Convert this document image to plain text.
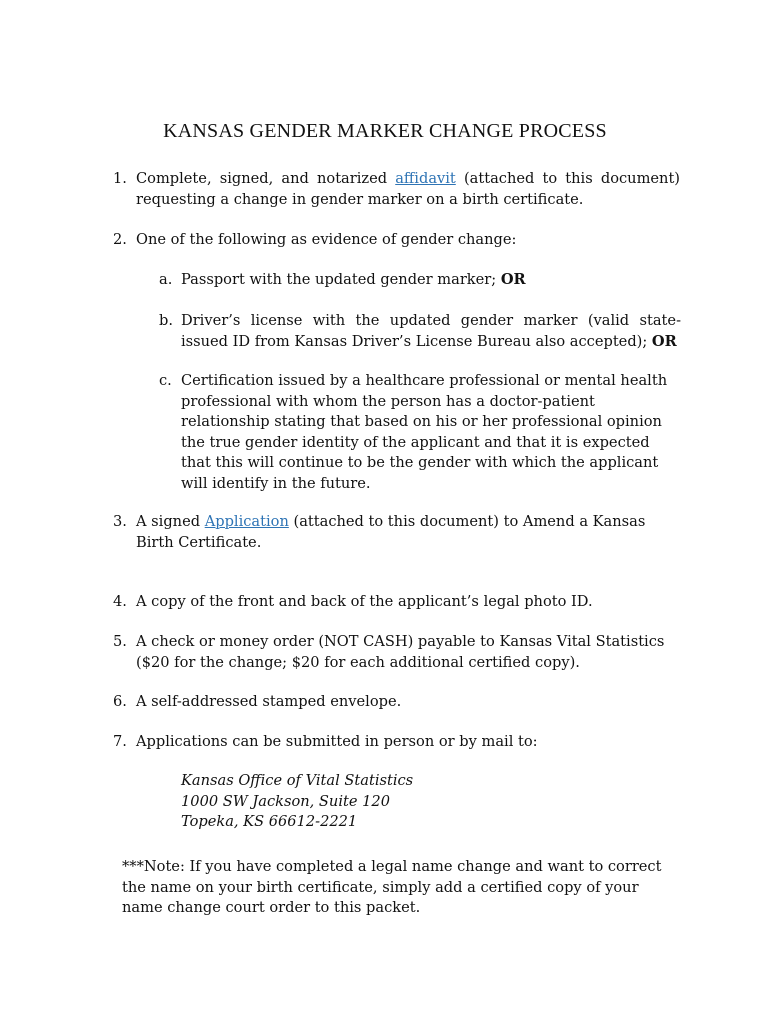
KANSAS GENDER MARKER CHANGE PROCESS
1. Complete, signed, and notarized affidavit (attached to this document) requesting a change in gender marker on a birth certificate.
2. One of the following as evidence of gender change:
a. Passport with the updated gender marker; OR
b. Driver’s license with the updated gender marker (valid state-issued ID from Kansas Driver’s License Bureau also accepted); OR
c. Certification issued by a healthcare professional or mental health professional with whom the person has a doctor-patient relationship stating that based on his or her professional opinion the true gender identity of the applicant and that it is expected that this will continue to be the gender with which the applicant will identify in the future.
3. A signed Application (attached to this document) to Amend a Kansas Birth Certificate.
4. A copy of the front and back of the applicant’s legal photo ID.
5. A check or money order (NOT CASH) payable to Kansas Vital Statistics ($20 for the change; $20 for each additional certified copy).
6. A self-addressed stamped envelope.
7. Applications can be submitted in person or by mail to:
Kansas Office of Vital Statistics
1000 SW Jackson, Suite 120
Topeka, KS 66612-2221
***Note: If you have completed a legal name change and want to correct the name on your birth certificate, simply add a certified copy of your name change court order to this packet.
